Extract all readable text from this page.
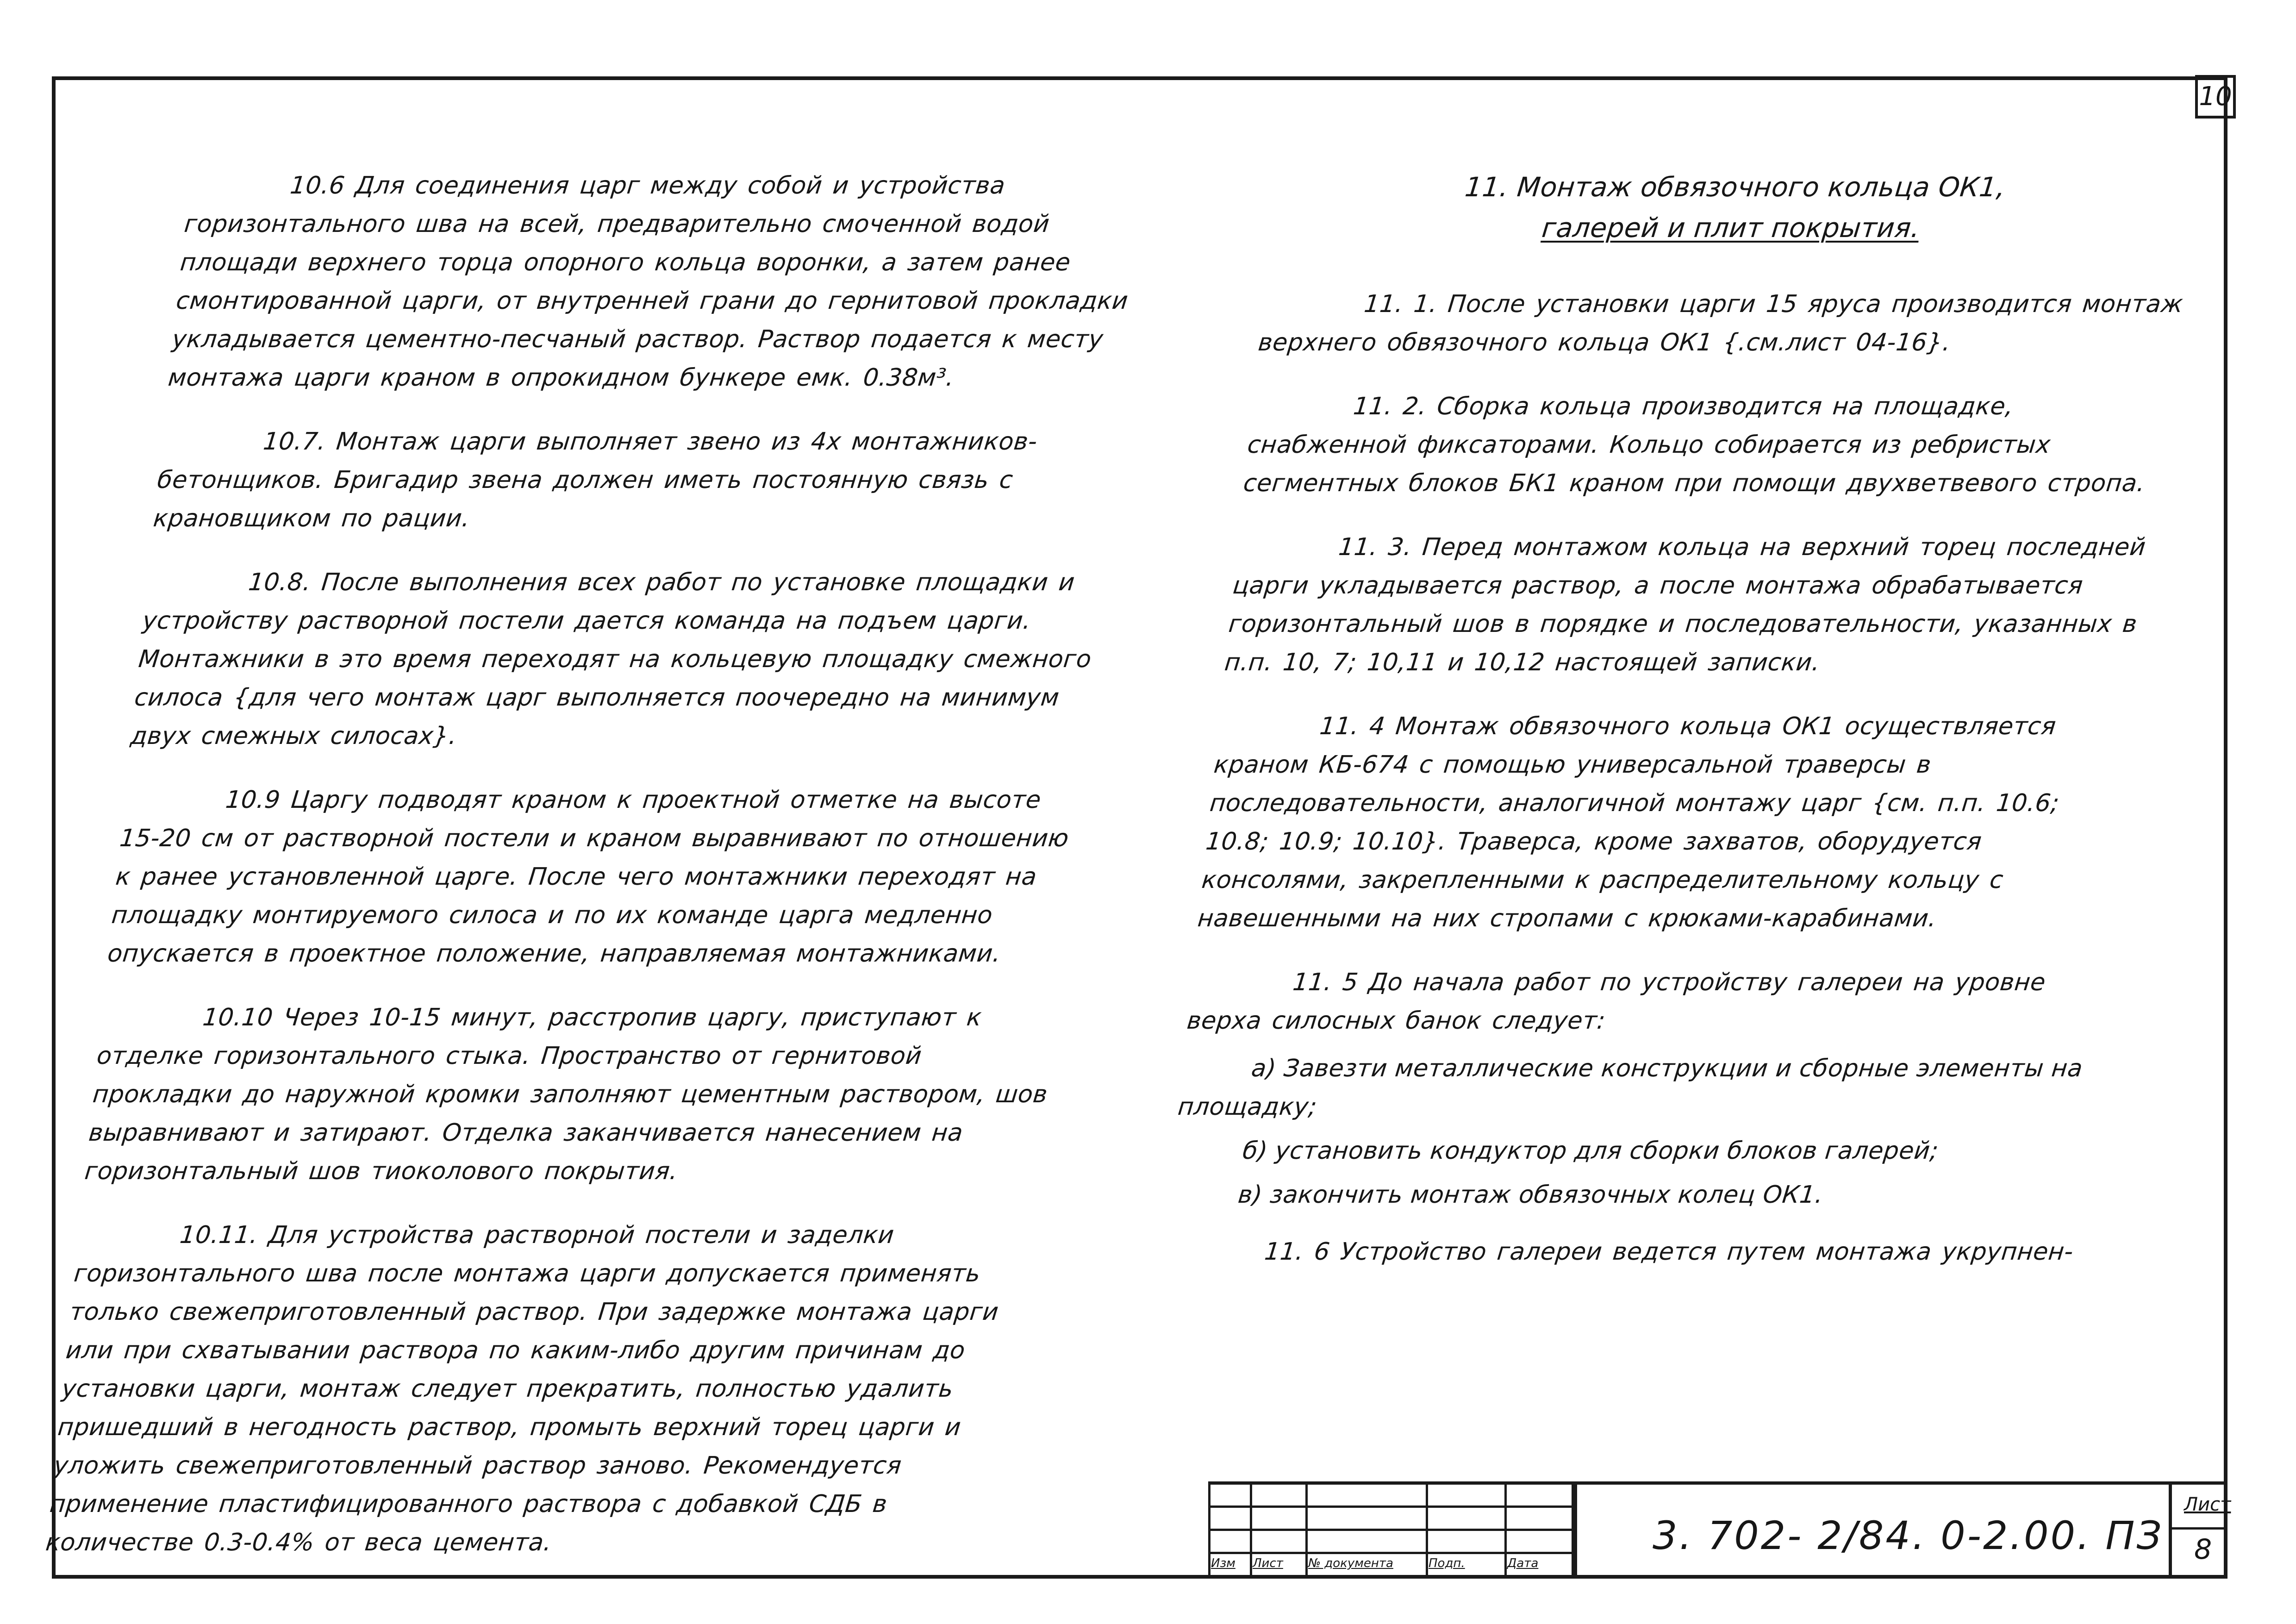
10

10.6 Для соединения царг между собой и устройства горизонтального шва на всей, предварительно смоченной водой площади верхнего торца опорного кольца воронки, а затем ранее смонтированной царги, от внутренней грани до гернитовой прокладки укладывается цементно-песчаный раствор. Раствор подается к месту монтажа царги краном в опрокидном бункере емк. 0.38м³.

10.7. Монтаж царги выполняет звено из 4х монтажников-бетонщиков. Бригадир звена должен иметь постоянную связь с крановщиком по рации.

10.8. После выполнения всех работ по установке площадки и устройству растворной постели дается команда на подъем царги. Монтажники в это время переходят на кольцевую площадку смежного силоса {для чего монтаж царг выполняется поочередно на минимум двух смежных силосах}.

10.9 Царгу подводят краном к проектной отметке на высоте 15-20 см от растворной постели и краном выравнивают по отношению к ранее установленной царге. После чего монтажники переходят на площадку монтируемого силоса и по их команде царга медленно опускается в проектное положение, направляемая монтажниками.

10.10 Через 10-15 минут, расстропив царгу, приступают к отделке горизонтального стыка. Пространство от гернитовой прокладки до наружной кромки заполняют цементным раствором, шов выравнивают и затирают. Отделка заканчивается нанесением на горизонтальный шов тиоколового покрытия.

10.11. Для устройства растворной постели и заделки горизонтального шва после монтажа царги допускается применять только свежеприготовленный раствор. При задержке монтажа царги или при схватывании раствора по каким-либо другим причинам до установки царги, монтаж следует прекратить, полностью удалить пришедший в негодность раствор, промыть верхний торец царги и уложить свежеприготовленный раствор заново. Рекомендуется применение пластифицированного раствора с добавкой СДБ в количестве 0.3-0.4% от веса цемента.

11. Монтаж обвязочного кольца ОК1,
галерей и плит покрытия.

11. 1. После установки царги 15 яруса производится монтаж верхнего обвязочного кольца ОК1 {.см.лист 04-16}.

11. 2. Сборка кольца производится на площадке, снабженной фиксаторами. Кольцо собирается из ребристых сегментных блоков БК1 краном при помощи двухветвевого стропа.

11. 3. Перед монтажом кольца на верхний торец последней царги укладывается раствор, а после монтажа обрабатывается горизонтальный шов в порядке и последовательности, указанных в п.п. 10, 7; 10,11 и 10,12 настоящей записки.

11. 4 Монтаж обвязочного кольца ОК1 осуществляется краном КБ-674 с помощью универсальной траверсы в последовательности, аналогичной монтажу царг {см. п.п. 10.6; 10.8; 10.9; 10.10}. Траверса, кроме захватов, оборудуется консолями, закрепленными к распределительному кольцу с навешенными на них стропами с крюками-карабинами.

11. 5 До начала работ по устройству галереи на уровне верха силосных банок следует:

а) Завезти металлические конструкции и сборные элементы на площадку;

б) установить кондуктор для сборки блоков галерей;

в) закончить монтаж обвязочных колец ОК1.

11. 6 Устройство галереи ведется путем монтажа укрупнен-

Изм Лист № документа	Подп.	Дата
3. 702- 2/84. 0-2.00. ПЗ
Лист
8
